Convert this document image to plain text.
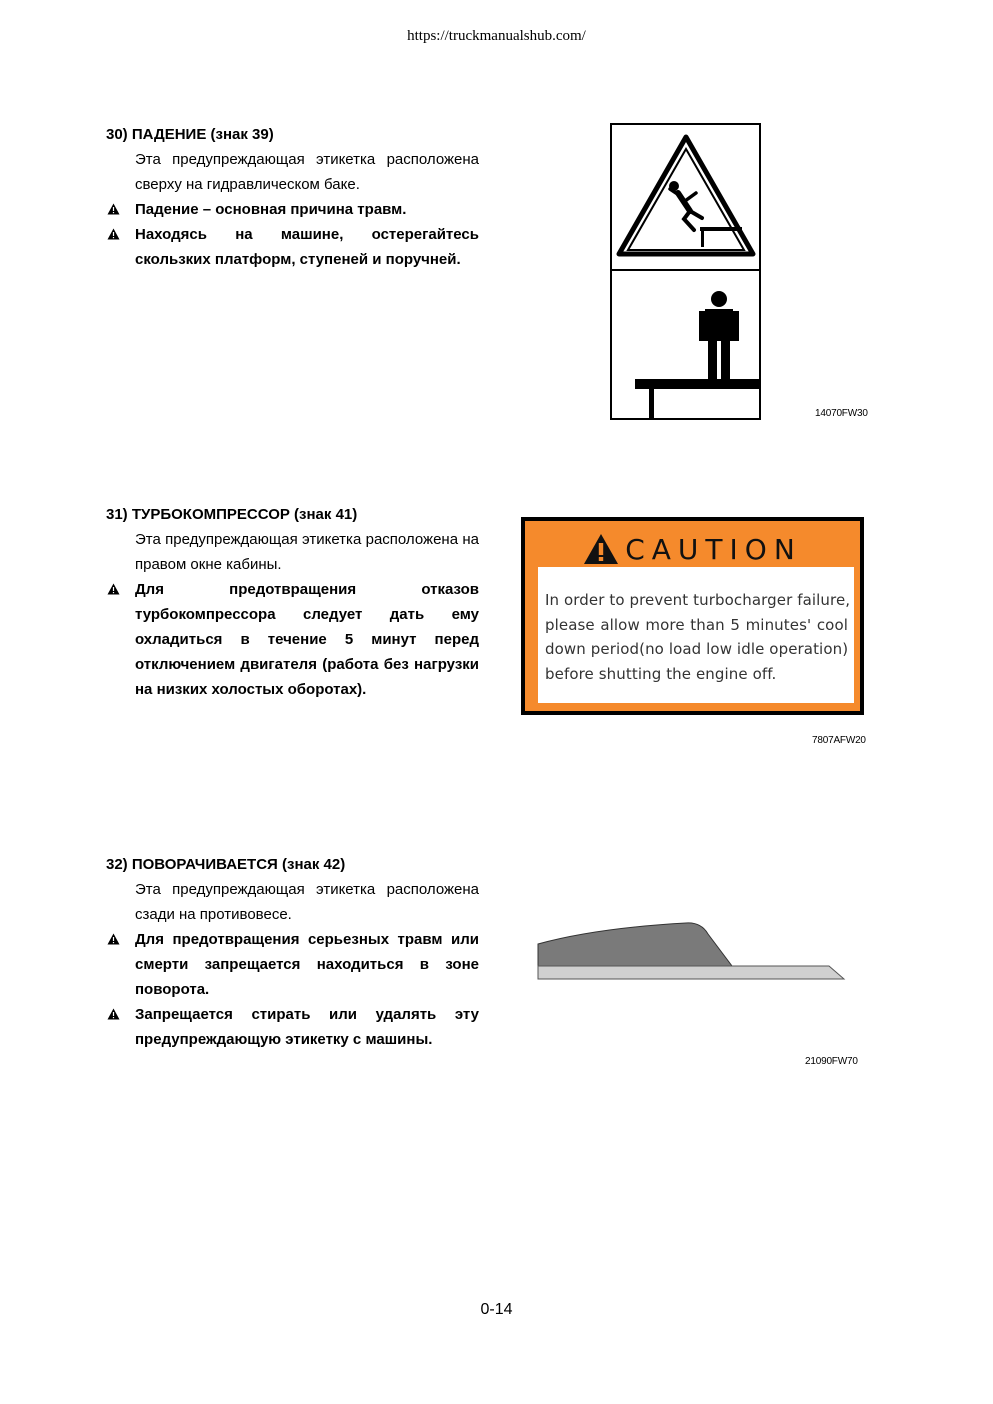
https://truckmanualshub.com/
30) ПАДЕНИЕ (знак 39)
Эта предупреждающая этикетка расположена сверху на гидравлическом баке.
Падение – основная причина травм.
Находясь на машине, остерегайтесь скользких платформ, ступеней и поручней.
14070FW30
31) ТУРБОКОМПРЕССОР (знак 41)
Эта предупреждающая этикетка расположена на правом окне кабины.
Для предотвращения отказов турбокомпрессора следует дать ему охладиться в течение 5 минут перед отключением двигателя (работа без нагрузки на низких холостых оборотах).
CAUTION
In order to prevent turbocharger failure,
please allow more than 5 minutes' cool
down period(no load low idle operation)
before shutting the engine off.
7807AFW20
32) ПОВОРАЧИВАЕТСЯ (знак 42)
Эта предупреждающая этикетка расположена сзади на противовесе.
Для предотвращения серьезных травм или смерти запрещается находиться в зоне поворота.
Запрещается стирать или удалять эту предупреждающую этикетку с машины.
21090FW70
0-14
